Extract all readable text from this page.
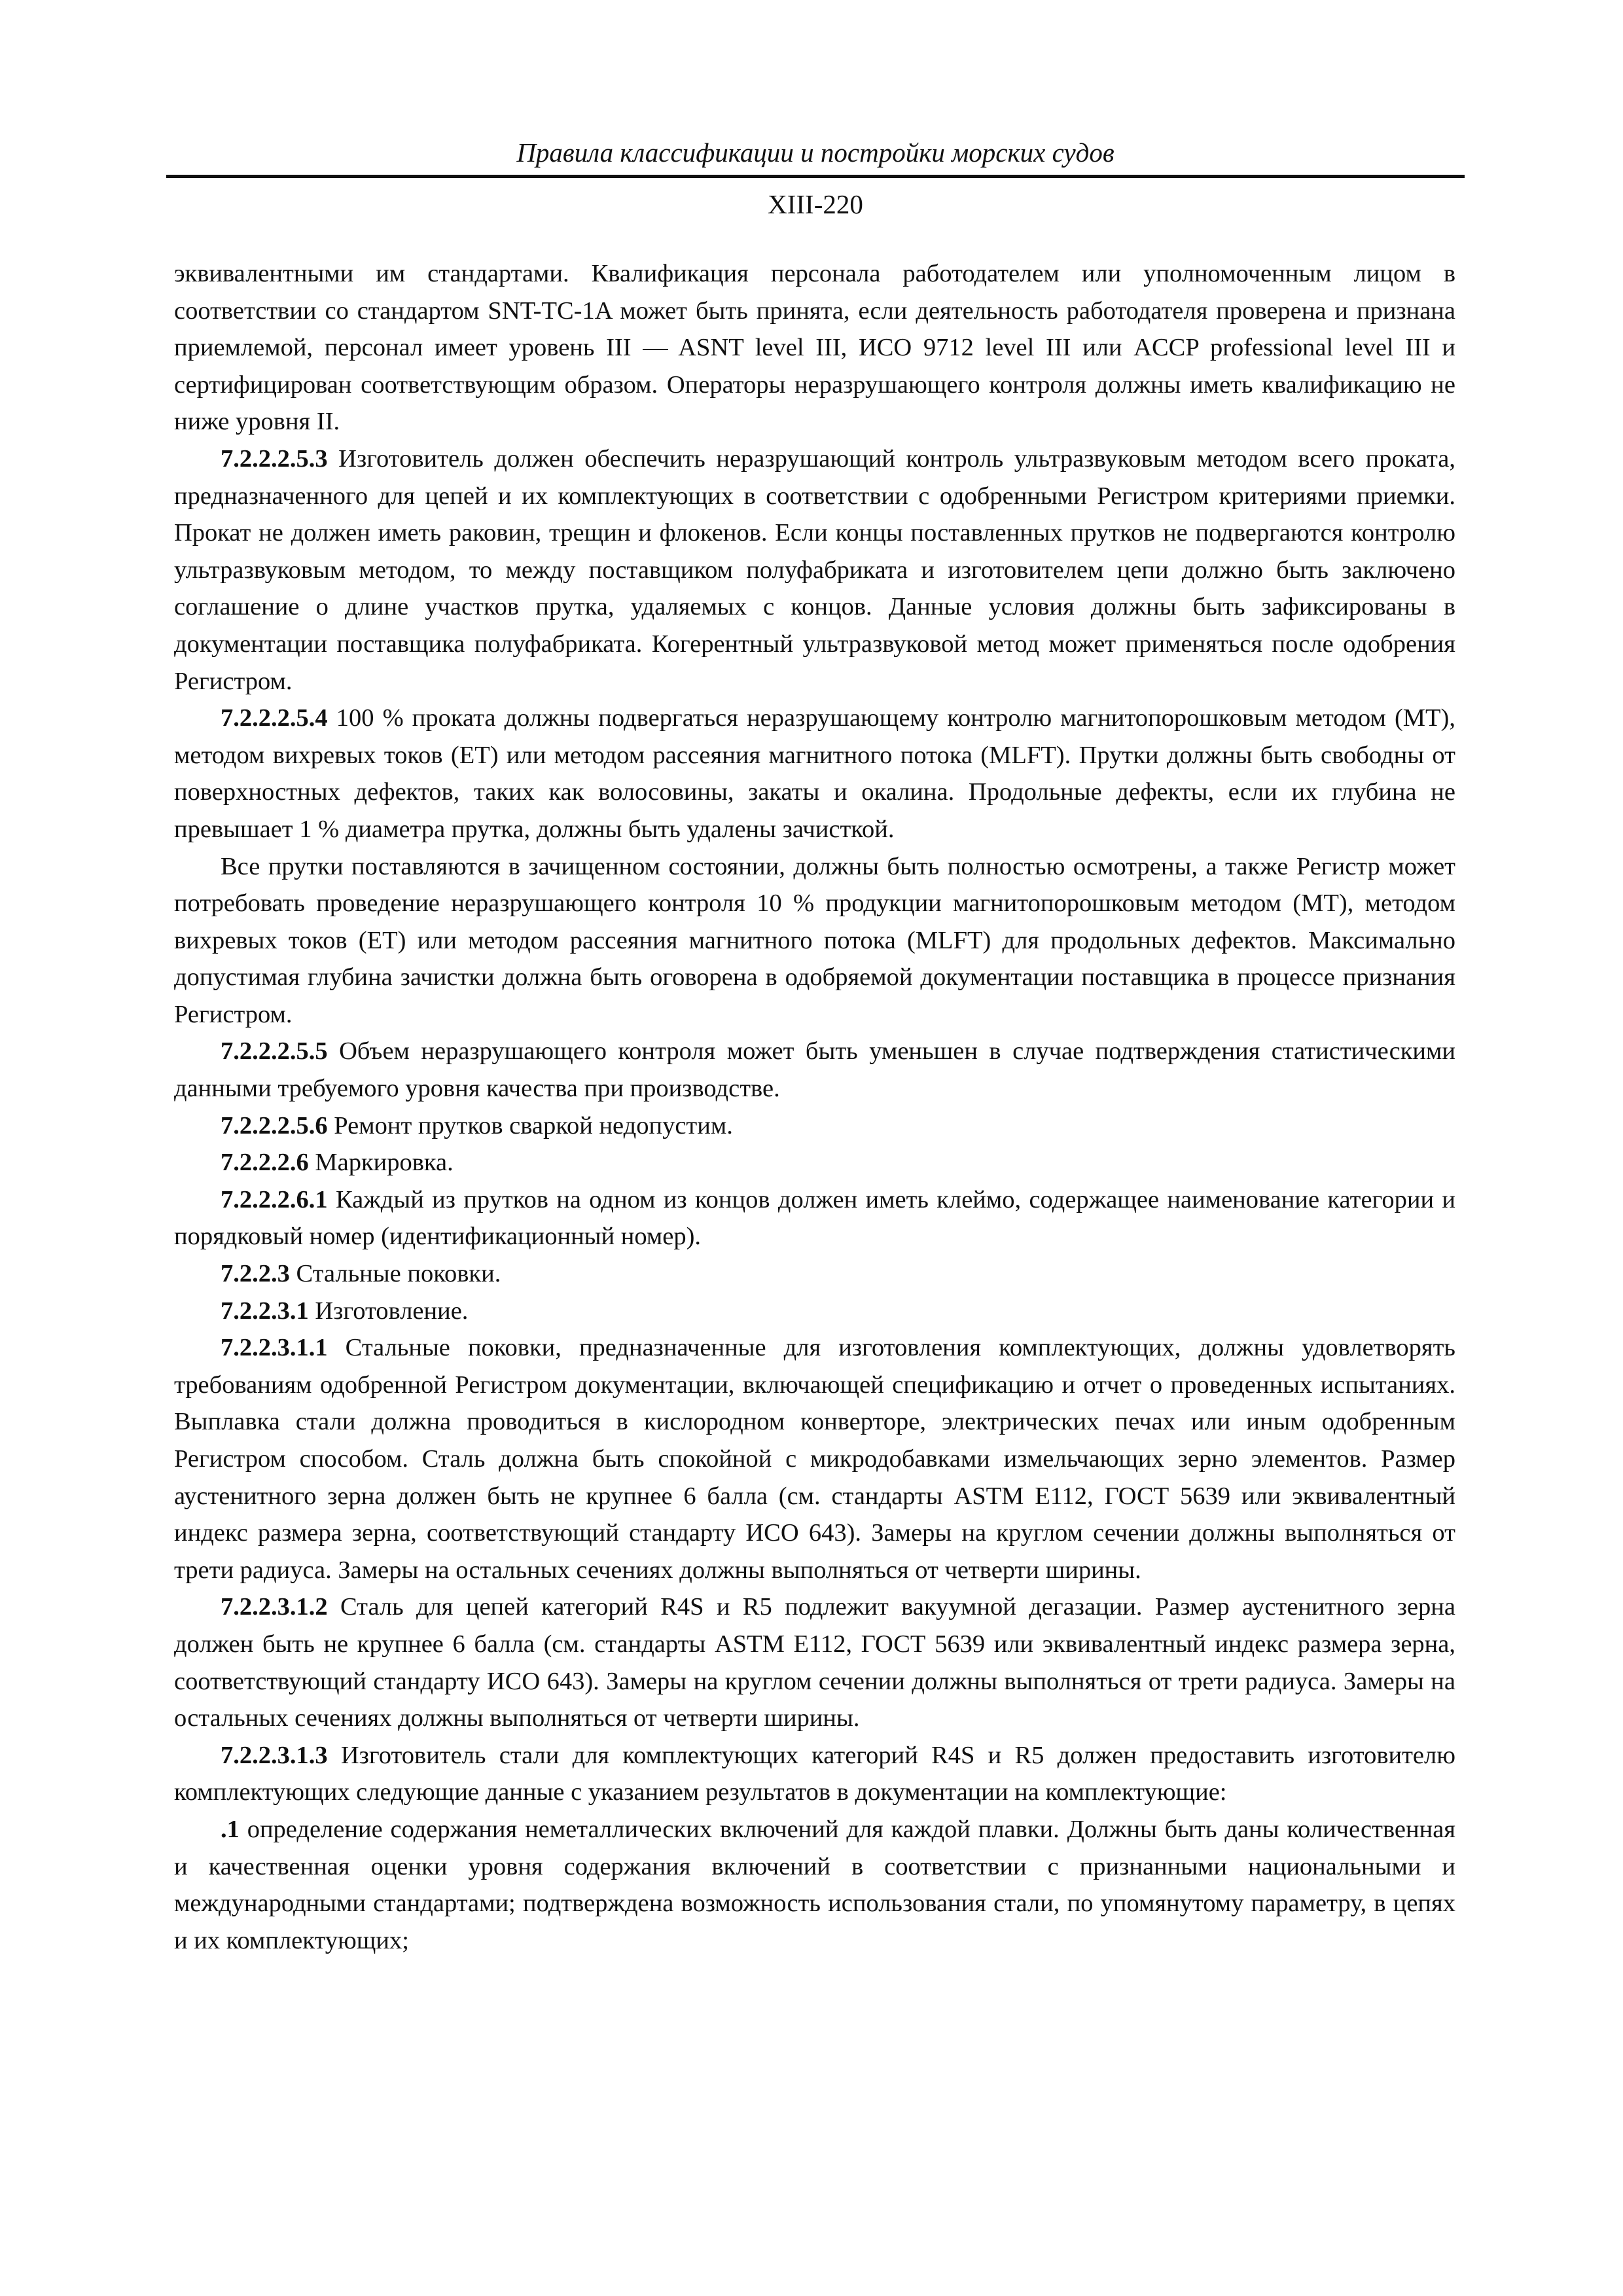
Правила классификации и постройки морских судов
XIII-220

эквивалентными им стандартами. Квалификация персонала работодателем или уполномоченным лицом в соответствии со стандартом SNT-TC-1A может быть принята, если деятельность работодателя проверена и признана приемлемой, персонал имеет уровень III — ASNT level III, ИСО 9712 level III или ACCP professional level III и сертифицирован соответствующим образом. Операторы неразрушающего контроля должны иметь квалификацию не ниже уровня II.

7.2.2.2.5.3 Изготовитель должен обеспечить неразрушающий контроль ультразвуковым методом всего проката, предназначенного для цепей и их комплектующих в соответствии с одобренными Регистром критериями приемки. Прокат не должен иметь раковин, трещин и флокенов. Если концы поставленных прутков не подвергаются контролю ультразвуковым методом, то между поставщиком полуфабриката и изготовителем цепи должно быть заключено соглашение о длине участков прутка, удаляемых с концов. Данные условия должны быть зафиксированы в документации поставщика полуфабриката. Когерентный ультразвуковой метод может применяться после одобрения Регистром.

7.2.2.2.5.4 100 % проката должны подвергаться неразрушающему контролю магнитопорошковым методом (MT), методом вихревых токов (ET) или методом рассеяния магнитного потока (MLFT). Прутки должны быть свободны от поверхностных дефектов, таких как волосовины, закаты и окалина. Продольные дефекты, если их глубина не превышает 1 % диаметра прутка, должны быть удалены зачисткой.

Все прутки поставляются в зачищенном состоянии, должны быть полностью осмотрены, а также Регистр может потребовать проведение неразрушающего контроля 10 % продукции магнитопорошковым методом (MT), методом вихревых токов (ET) или методом рассеяния магнитного потока (MLFT) для продольных дефектов. Максимально допустимая глубина зачистки должна быть оговорена в одобряемой документации поставщика в процессе признания Регистром.

7.2.2.2.5.5 Объем неразрушающего контроля может быть уменьшен в случае подтверждения статистическими данными требуемого уровня качества при производстве.

7.2.2.2.5.6 Ремонт прутков сваркой недопустим.

7.2.2.2.6 Маркировка.

7.2.2.2.6.1 Каждый из прутков на одном из концов должен иметь клеймо, содержащее наименование категории и порядковый номер (идентификационный номер).

7.2.2.3 Стальные поковки.

7.2.2.3.1 Изготовление.

7.2.2.3.1.1 Стальные поковки, предназначенные для изготовления комплектующих, должны удовлетворять требованиям одобренной Регистром документации, включающей спецификацию и отчет о проведенных испытаниях. Выплавка стали должна проводиться в кислородном конверторе, электрических печах или иным одобренным Регистром способом. Сталь должна быть спокойной с микродобавками измельчающих зерно элементов. Размер аустенитного зерна должен быть не крупнее 6 балла (см. стандарты ASTM E112, ГОСТ 5639 или эквивалентный индекс размера зерна, соответствующий стандарту ИСО 643). Замеры на круглом сечении должны выполняться от трети радиуса. Замеры на остальных сечениях должны выполняться от четверти ширины.

7.2.2.3.1.2 Сталь для цепей категорий R4S и R5 подлежит вакуумной дегазации. Размер аустенитного зерна должен быть не крупнее 6 балла (см. стандарты ASTM E112, ГОСТ 5639 или эквивалентный индекс размера зерна, соответствующий стандарту ИСО 643). Замеры на круглом сечении должны выполняться от трети радиуса. Замеры на остальных сечениях должны выполняться от четверти ширины.

7.2.2.3.1.3 Изготовитель стали для комплектующих категорий R4S и R5 должен предоставить изготовителю комплектующих следующие данные с указанием результатов в документации на комплектующие:

.1 определение содержания неметаллических включений для каждой плавки. Должны быть даны количественная и качественная оценки уровня содержания включений в соответствии с признанными национальными и международными стандартами; подтверждена возможность использования стали, по упомянутому параметру, в цепях и их комплектующих;
